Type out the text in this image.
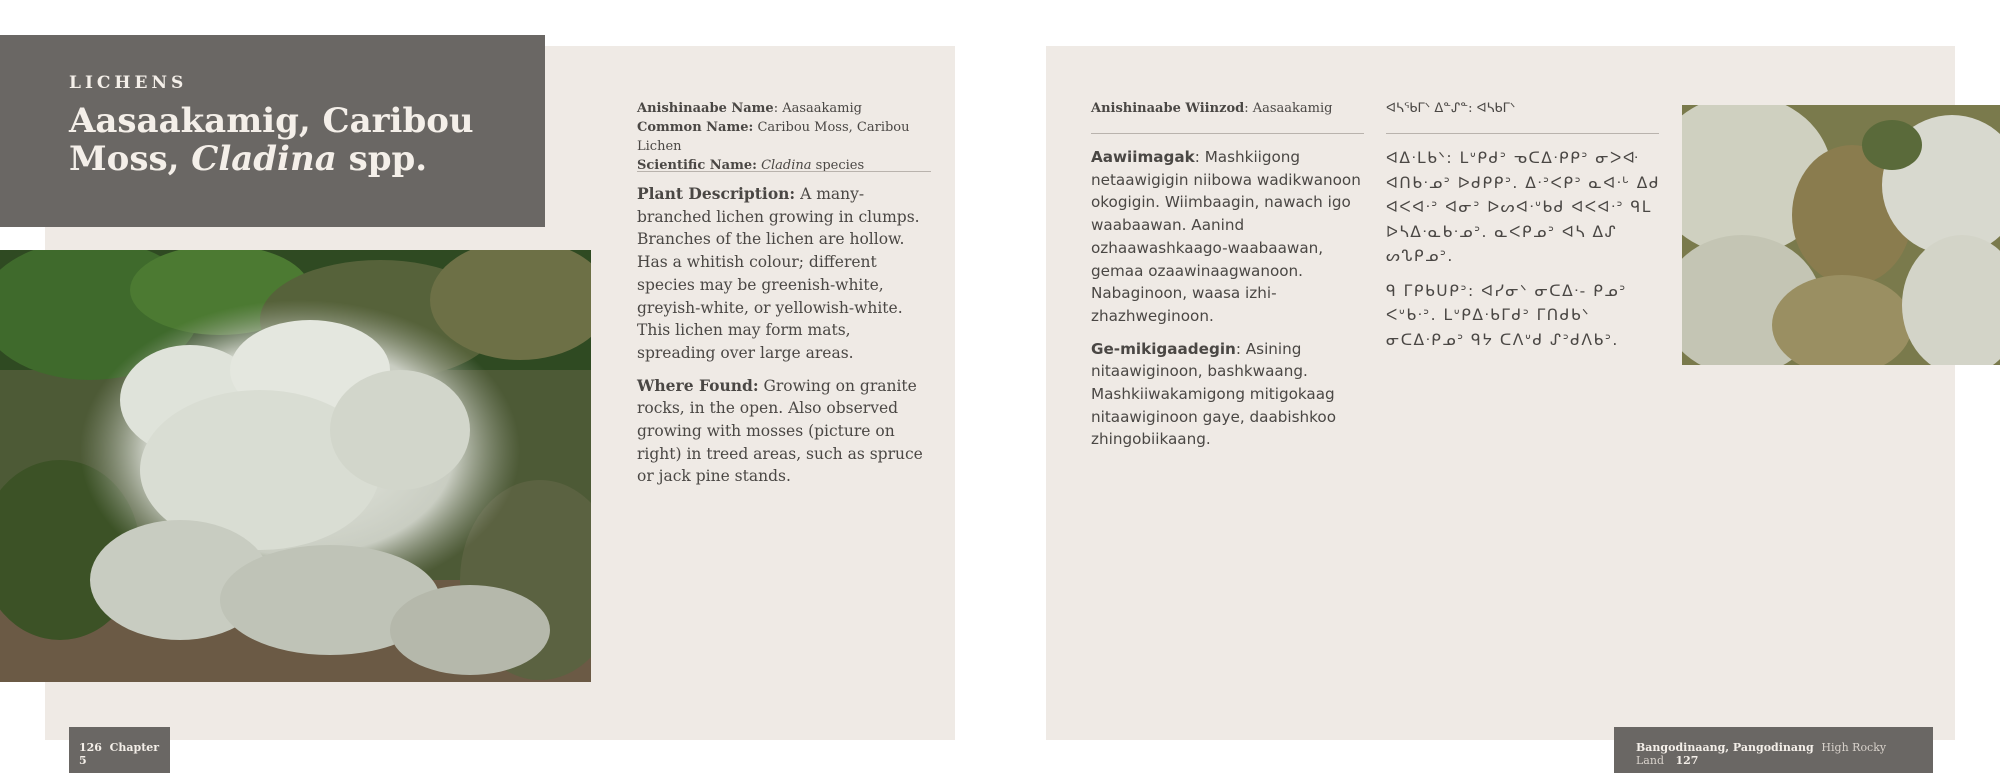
LICHENS
Aasaakamig, Caribou
Moss, Cladina spp.
Anishinaabe Name: Aasaakamig
Common Name: Caribou Moss, Caribou Lichen
Scientific Name: Cladina species

Plant Description: A many-branched lichen growing in clumps. Branches of the lichen are hollow. Has a whitish colour; different species may be greenish-white, greyish-white, or yellowish-white. This lichen may form mats, spreading over large areas.

Where Found: Growing on granite rocks, in the open. Also observed growing with mosses (picture on right) in treed areas, such as spruce or jack pine stands.

Anishinaabe Wiinzod: Aasaakamig

Aawiimagak: Mashkiigong netaawigigin niibowa wadikwanoon okogigin. Wiimbaagin, nawach igo waabaawan. Aanind ozhaawashkaago-waabaawan, gemaa ozaawinaagwanoon. Nabaginoon, waasa izhi-zhazhweginoon.

Ge-mikigaadegin: Asining nitaawiginoon, bashkwaang. Mashkiiwakamigong mitigokaag nitaawiginoon gaye, daabishkoo zhingobiikaang.

ᐊᓴᕐᑲᒥᐠ ᐃᓐᔑᓐ: ᐊᓴᑲᒥᐠ

ᐊᐃᐧᒪᑲᐠ: ᒪᐡᑭᑯᐣ ᓀᑕᐃᐧᑭᑭᐣ ᓂᐳᐘ ᐊᑎᑲᐧᓄᐣ ᐅᑯᑭᑭᐣ. ᐃᐧᐣᐸᑭᐣ ᓇᐊᐧᒡ ᐃᑯ ᐊᐸᐊᐧᐣ ᐊᓂᐣ ᐅᔕᐊᐧᐡᑲᑯ ᐊᐸᐊᐧᐣ ᑫᒪ ᐅᓴᐃᐧᓇᑲᐧᓄᐣ. ᓇᐸᑭᓄᐣ ᐊᓴ ᐃᔑ ᔕᔐᑭᓄᐣ.

ᑫ ᒥᑭᑲᑌᑭᐣ: ᐊᓯᓂᐠ ᓂᑕᐃᐧ- ᑭᓄᐣ ᐸᐡᑲᐧᐣ. ᒪᐡᑭᐃᐧᑲᒥᑯᐣ ᒥᑎᑯᑲᐠ ᓂᑕᐃᐧᑭᓄᐣ ᑫᔭ ᑕᐱᐡᑯ ᔑᐣᑯᐱᑲᐣ.

126 Chapter 5
Bangodinaang, Pangodinang High Rocky Land 127
